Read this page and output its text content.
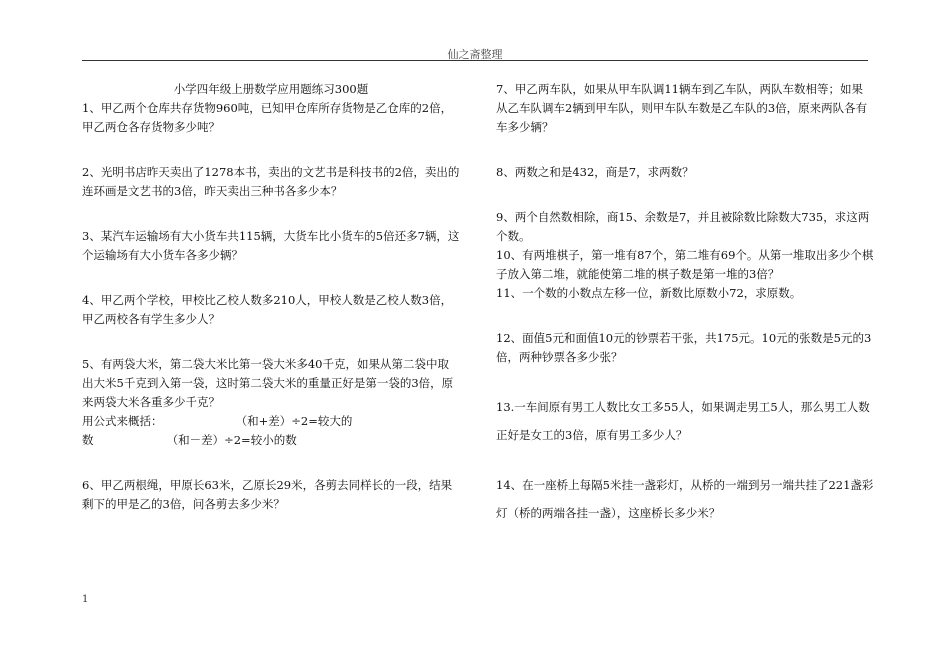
仙之斋整理

小学四年级上册数学应用题练习300题

1、甲乙两个仓库共存货物960吨，已知甲仓库所存货物是乙仓库的2倍，甲乙两仓各存货物多少吨？

2、光明书店昨天卖出了1278本书，卖出的文艺书是科技书的2倍，卖出的连环画是文艺书的3倍，昨天卖出三种书各多少本？

3、某汽车运输场有大小货车共115辆，大货车比小货车的5倍还多7辆，这个运输场有大小货车各多少辆？

4、甲乙两个学校，甲校比乙校人数多210人，甲校人数是乙校人数3倍，甲乙两校各有学生多少人？

5、有两袋大米，第二袋大米比第一袋大米多40千克，如果从第二袋中取出大米5千克到入第一袋，这时第二袋大米的重量正好是第一袋的3倍，原来两袋大米各重多少千克？

用公式来概括：                    （和+差）÷2=较大的

数                    （和－差）÷2=较小的数

6、甲乙两根绳，甲原长63米，乙原长29米，各剪去同样长的一段，结果剩下的甲是乙的3倍，问各剪去多少米？

7、甲乙两车队，如果从甲车队调11辆车到乙车队，两队车数相等；如果从乙车队调车2辆到甲车队，则甲车队车数是乙车队的3倍，原来两队各有车多少辆？

8、两数之和是432，商是7，求两数？

9、两个自然数相除，商15、余数是7，并且被除数比除数大735，求这两个数。

10、有两堆棋子，第一堆有87个，第二堆有69个。从第一堆取出多少个棋子放入第二堆，就能使第二堆的棋子数是第一堆的3倍？

11、一个数的小数点左移一位，新数比原数小72，求原数。

12、面值5元和面值10元的钞票若干张，共175元。10元的张数是5元的3倍，两种钞票各多少张？

13.一车间原有男工人数比女工多55人，如果调走男工5人，那么男工人数正好是女工的3倍，原有男工多少人？

14、在一座桥上每隔5米挂一盏彩灯，从桥的一端到另一端共挂了221盏彩灯（桥的两端各挂一盏），这座桥长多少米？

1
